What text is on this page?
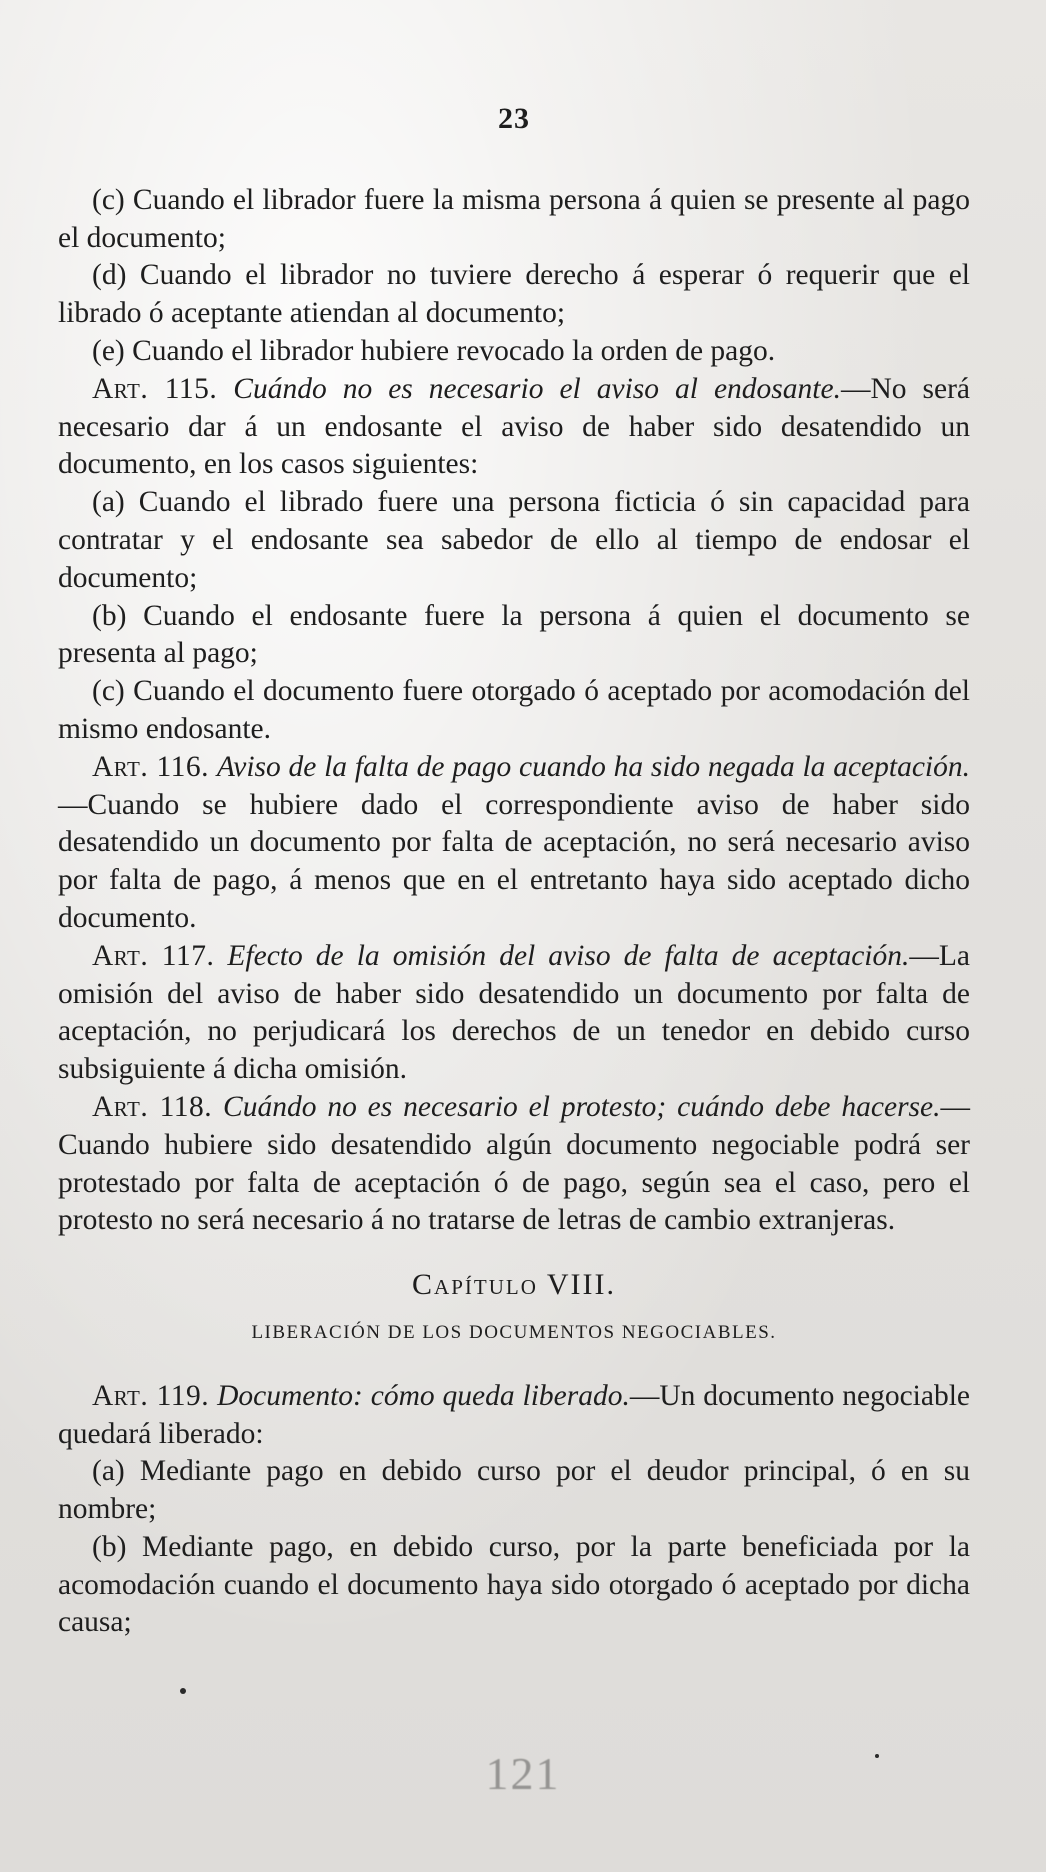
23

(c) Cuando el librador fuere la misma persona á quien se presente al pago el documento;

(d) Cuando el librador no tuviere derecho á esperar ó requerir que el librado ó aceptante atiendan al documento;

(e) Cuando el librador hubiere revocado la orden de pago.

Art. 115. Cuándo no es necesario el aviso al endosante.—No será necesario dar á un endosante el aviso de haber sido desatendido un documento, en los casos siguientes:

(a) Cuando el librado fuere una persona ficticia ó sin capacidad para contratar y el endosante sea sabedor de ello al tiempo de endosar el documento;

(b) Cuando el endosante fuere la persona á quien el documento se presenta al pago;

(c) Cuando el documento fuere otorgado ó aceptado por acomodación del mismo endosante.

Art. 116. Aviso de la falta de pago cuando ha sido negada la aceptación.—Cuando se hubiere dado el correspondiente aviso de haber sido desatendido un documento por falta de aceptación, no será necesario aviso por falta de pago, á menos que en el entretanto haya sido aceptado dicho documento.

Art. 117. Efecto de la omisión del aviso de falta de aceptación.—La omisión del aviso de haber sido desatendido un documento por falta de aceptación, no perjudicará los derechos de un tenedor en debido curso subsiguiente á dicha omisión.

Art. 118. Cuándo no es necesario el protesto; cuándo debe hacerse.—Cuando hubiere sido desatendido algún documento negociable podrá ser protestado por falta de aceptación ó de pago, según sea el caso, pero el protesto no será necesario á no tratarse de letras de cambio extranjeras.

Capítulo VIII.
LIBERACIÓN DE LOS DOCUMENTOS NEGOCIABLES.

Art. 119. Documento: cómo queda liberado.—Un documento negociable quedará liberado:

(a) Mediante pago en debido curso por el deudor principal, ó en su nombre;

(b) Mediante pago, en debido curso, por la parte beneficiada por la acomodación cuando el documento haya sido otorgado ó aceptado por dicha causa;

121
